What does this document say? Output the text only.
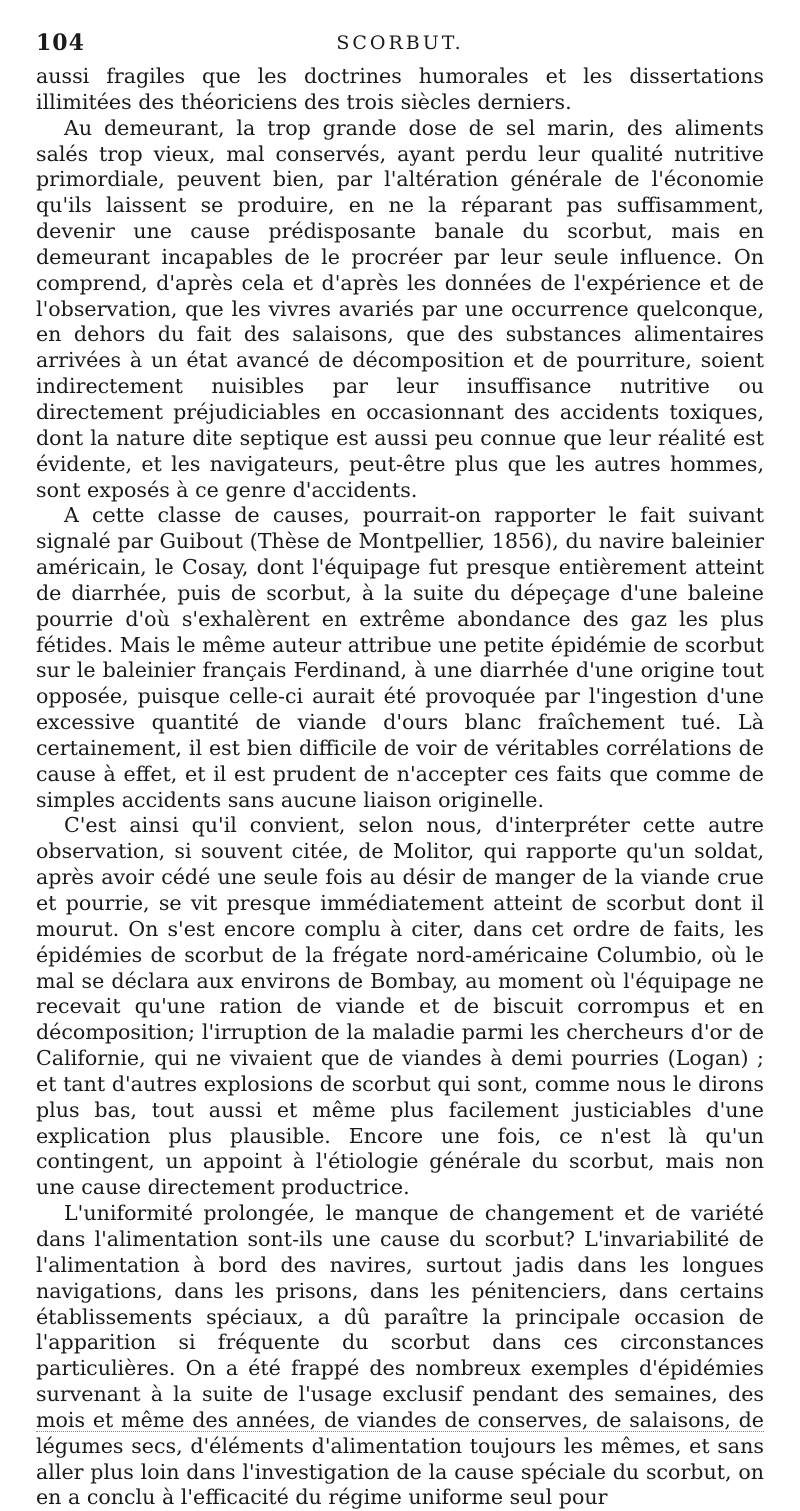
104	SCORBUT.

aussi fragiles que les doctrines humorales et les dissertations illimitées des théoriciens des trois siècles derniers.

Au demeurant, la trop grande dose de sel marin, des aliments salés trop vieux, mal conservés, ayant perdu leur qualité nutritive primordiale, peuvent bien, par l'altération générale de l'économie qu'ils laissent se produire, en ne la réparant pas suffisamment, devenir une cause prédisposante banale du scorbut, mais en demeurant incapables de le procréer par leur seule influence. On comprend, d'après cela et d'après les données de l'expérience et de l'observation, que les vivres avariés par une occurrence quelconque, en dehors du fait des salaisons, que des substances alimentaires arrivées à un état avancé de décomposition et de pourriture, soient indirectement nuisibles par leur insuffisance nutritive ou directement préjudiciables en occasionnant des accidents toxiques, dont la nature dite septique est aussi peu connue que leur réalité est évidente, et les navigateurs, peut-être plus que les autres hommes, sont exposés à ce genre d'accidents.

A cette classe de causes, pourrait-on rapporter le fait suivant signalé par Guibout (Thèse de Montpellier, 1856), du navire baleinier américain, le Cosay, dont l'équipage fut presque entièrement atteint de diarrhée, puis de scorbut, à la suite du dépeçage d'une baleine pourrie d'où s'exhalèrent en extrême abondance des gaz les plus fétides. Mais le même auteur attribue une petite épidémie de scorbut sur le baleinier français Ferdinand, à une diarrhée d'une origine tout opposée, puisque celle-ci aurait été provoquée par l'ingestion d'une excessive quantité de viande d'ours blanc fraîchement tué. Là certainement, il est bien difficile de voir de véritables corrélations de cause à effet, et il est prudent de n'accepter ces faits que comme de simples accidents sans aucune liaison originelle.

C'est ainsi qu'il convient, selon nous, d'interpréter cette autre observation, si souvent citée, de Molitor, qui rapporte qu'un soldat, après avoir cédé une seule fois au désir de manger de la viande crue et pourrie, se vit presque immédiatement atteint de scorbut dont il mourut. On s'est encore complu à citer, dans cet ordre de faits, les épidémies de scorbut de la frégate nord-américaine Columbio, où le mal se déclara aux environs de Bombay, au moment où l'équipage ne recevait qu'une ration de viande et de biscuit corrompus et en décomposition; l'irruption de la maladie parmi les chercheurs d'or de Californie, qui ne vivaient que de viandes à demi pourries (Logan) ; et tant d'autres explosions de scorbut qui sont, comme nous le dirons plus bas, tout aussi et même plus facilement justiciables d'une explication plus plausible. Encore une fois, ce n'est là qu'un contingent, un appoint à l'étiologie générale du scorbut, mais non une cause directement productrice.

L'uniformité prolongée, le manque de changement et de variété dans l'alimentation sont-ils une cause du scorbut? L'invariabilité de l'alimentation à bord des navires, surtout jadis dans les longues navigations, dans les prisons, dans les pénitenciers, dans certains établissements spéciaux, a dû paraître la principale occasion de l'apparition si fréquente du scorbut dans ces circonstances particulières. On a été frappé des nombreux exemples d'épidémies survenant à la suite de l'usage exclusif pendant des semaines, des mois et même des années, de viandes de conserves, de salaisons, de légumes secs, d'éléments d'alimentation toujours les mêmes, et sans aller plus loin dans l'investigation de la cause spéciale du scorbut, on en a conclu à l'efficacité du régime uniforme seul pour
